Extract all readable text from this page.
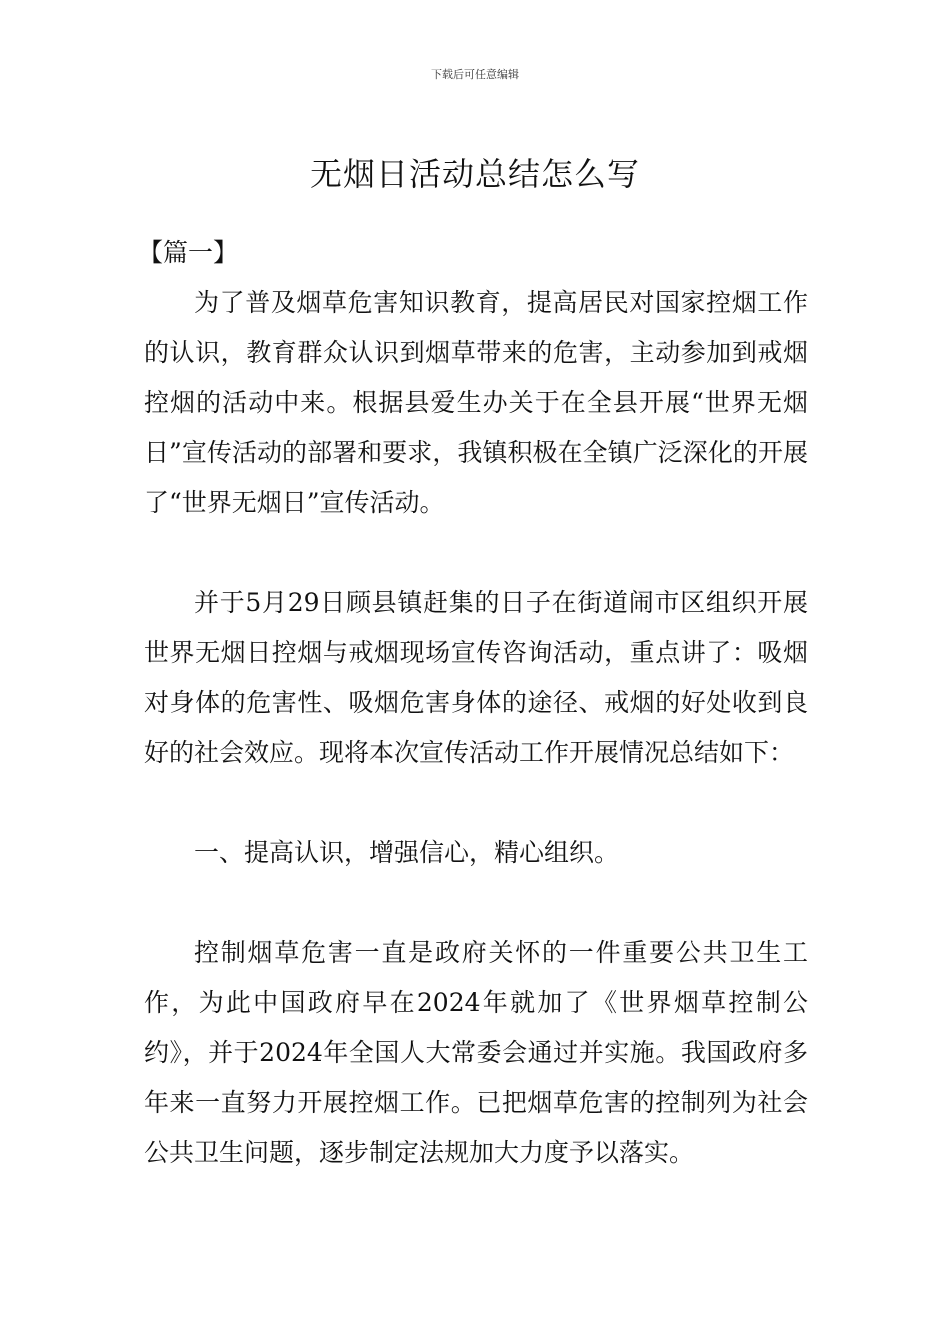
下载后可任意编辑
无烟日活动总结怎么写

【篇一】

为了普及烟草危害知识教育，提高居民对国家控烟工作的认识，教育群众认识到烟草带来的危害，主动参加到戒烟控烟的活动中来。根据县爱生办关于在全县开展“世界无烟日”宣传活动的部署和要求，我镇积极在全镇广泛深化的开展了“世界无烟日”宣传活动。

并于5月29日顾县镇赶集的日子在街道闹市区组织开展世界无烟日控烟与戒烟现场宣传咨询活动，重点讲了：吸烟对身体的危害性、吸烟危害身体的途径、戒烟的好处收到良好的社会效应。现将本次宣传活动工作开展情况总结如下：

一、提高认识，增强信心，精心组织。

控制烟草危害一直是政府关怀的一件重要公共卫生工作，为此中国政府早在2024年就加了《世界烟草控制公约》，并于2024年全国人大常委会通过并实施。我国政府多年来一直努力开展控烟工作。已把烟草危害的控制列为社会公共卫生问题，逐步制定法规加大力度予以落实。
